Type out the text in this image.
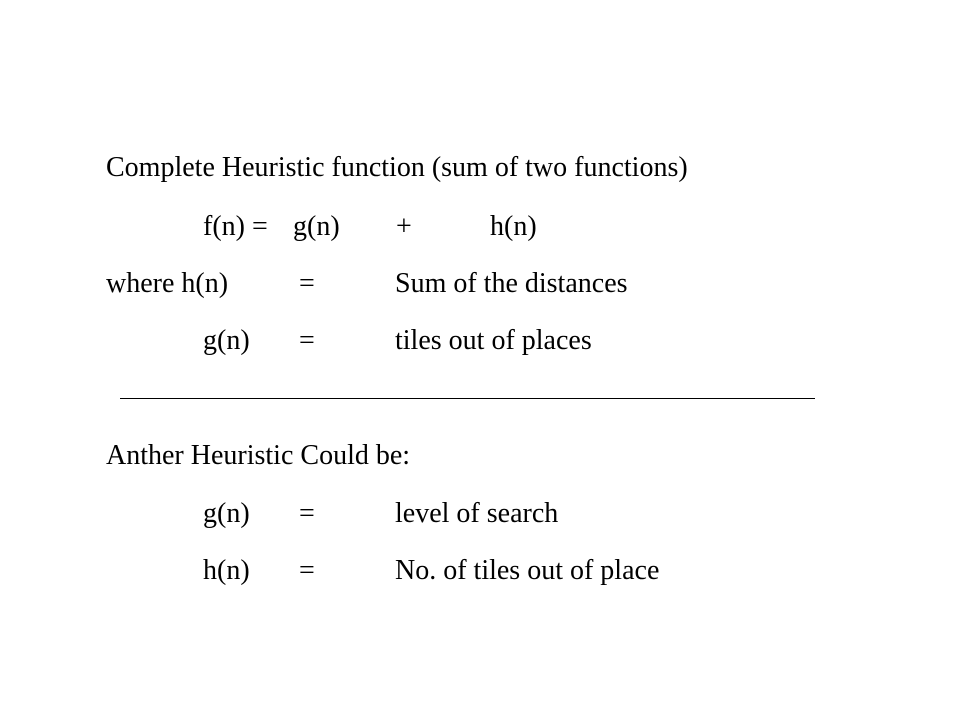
Complete Heuristic function (sum of two functions)
f(n) = g(n) +	h(n)
where h(n)	=	Sum of the distances
g(n) =	tiles out of places
Anther Heuristic Could be:
g(n) =	level of search
h(n) =	No. of tiles out of place
